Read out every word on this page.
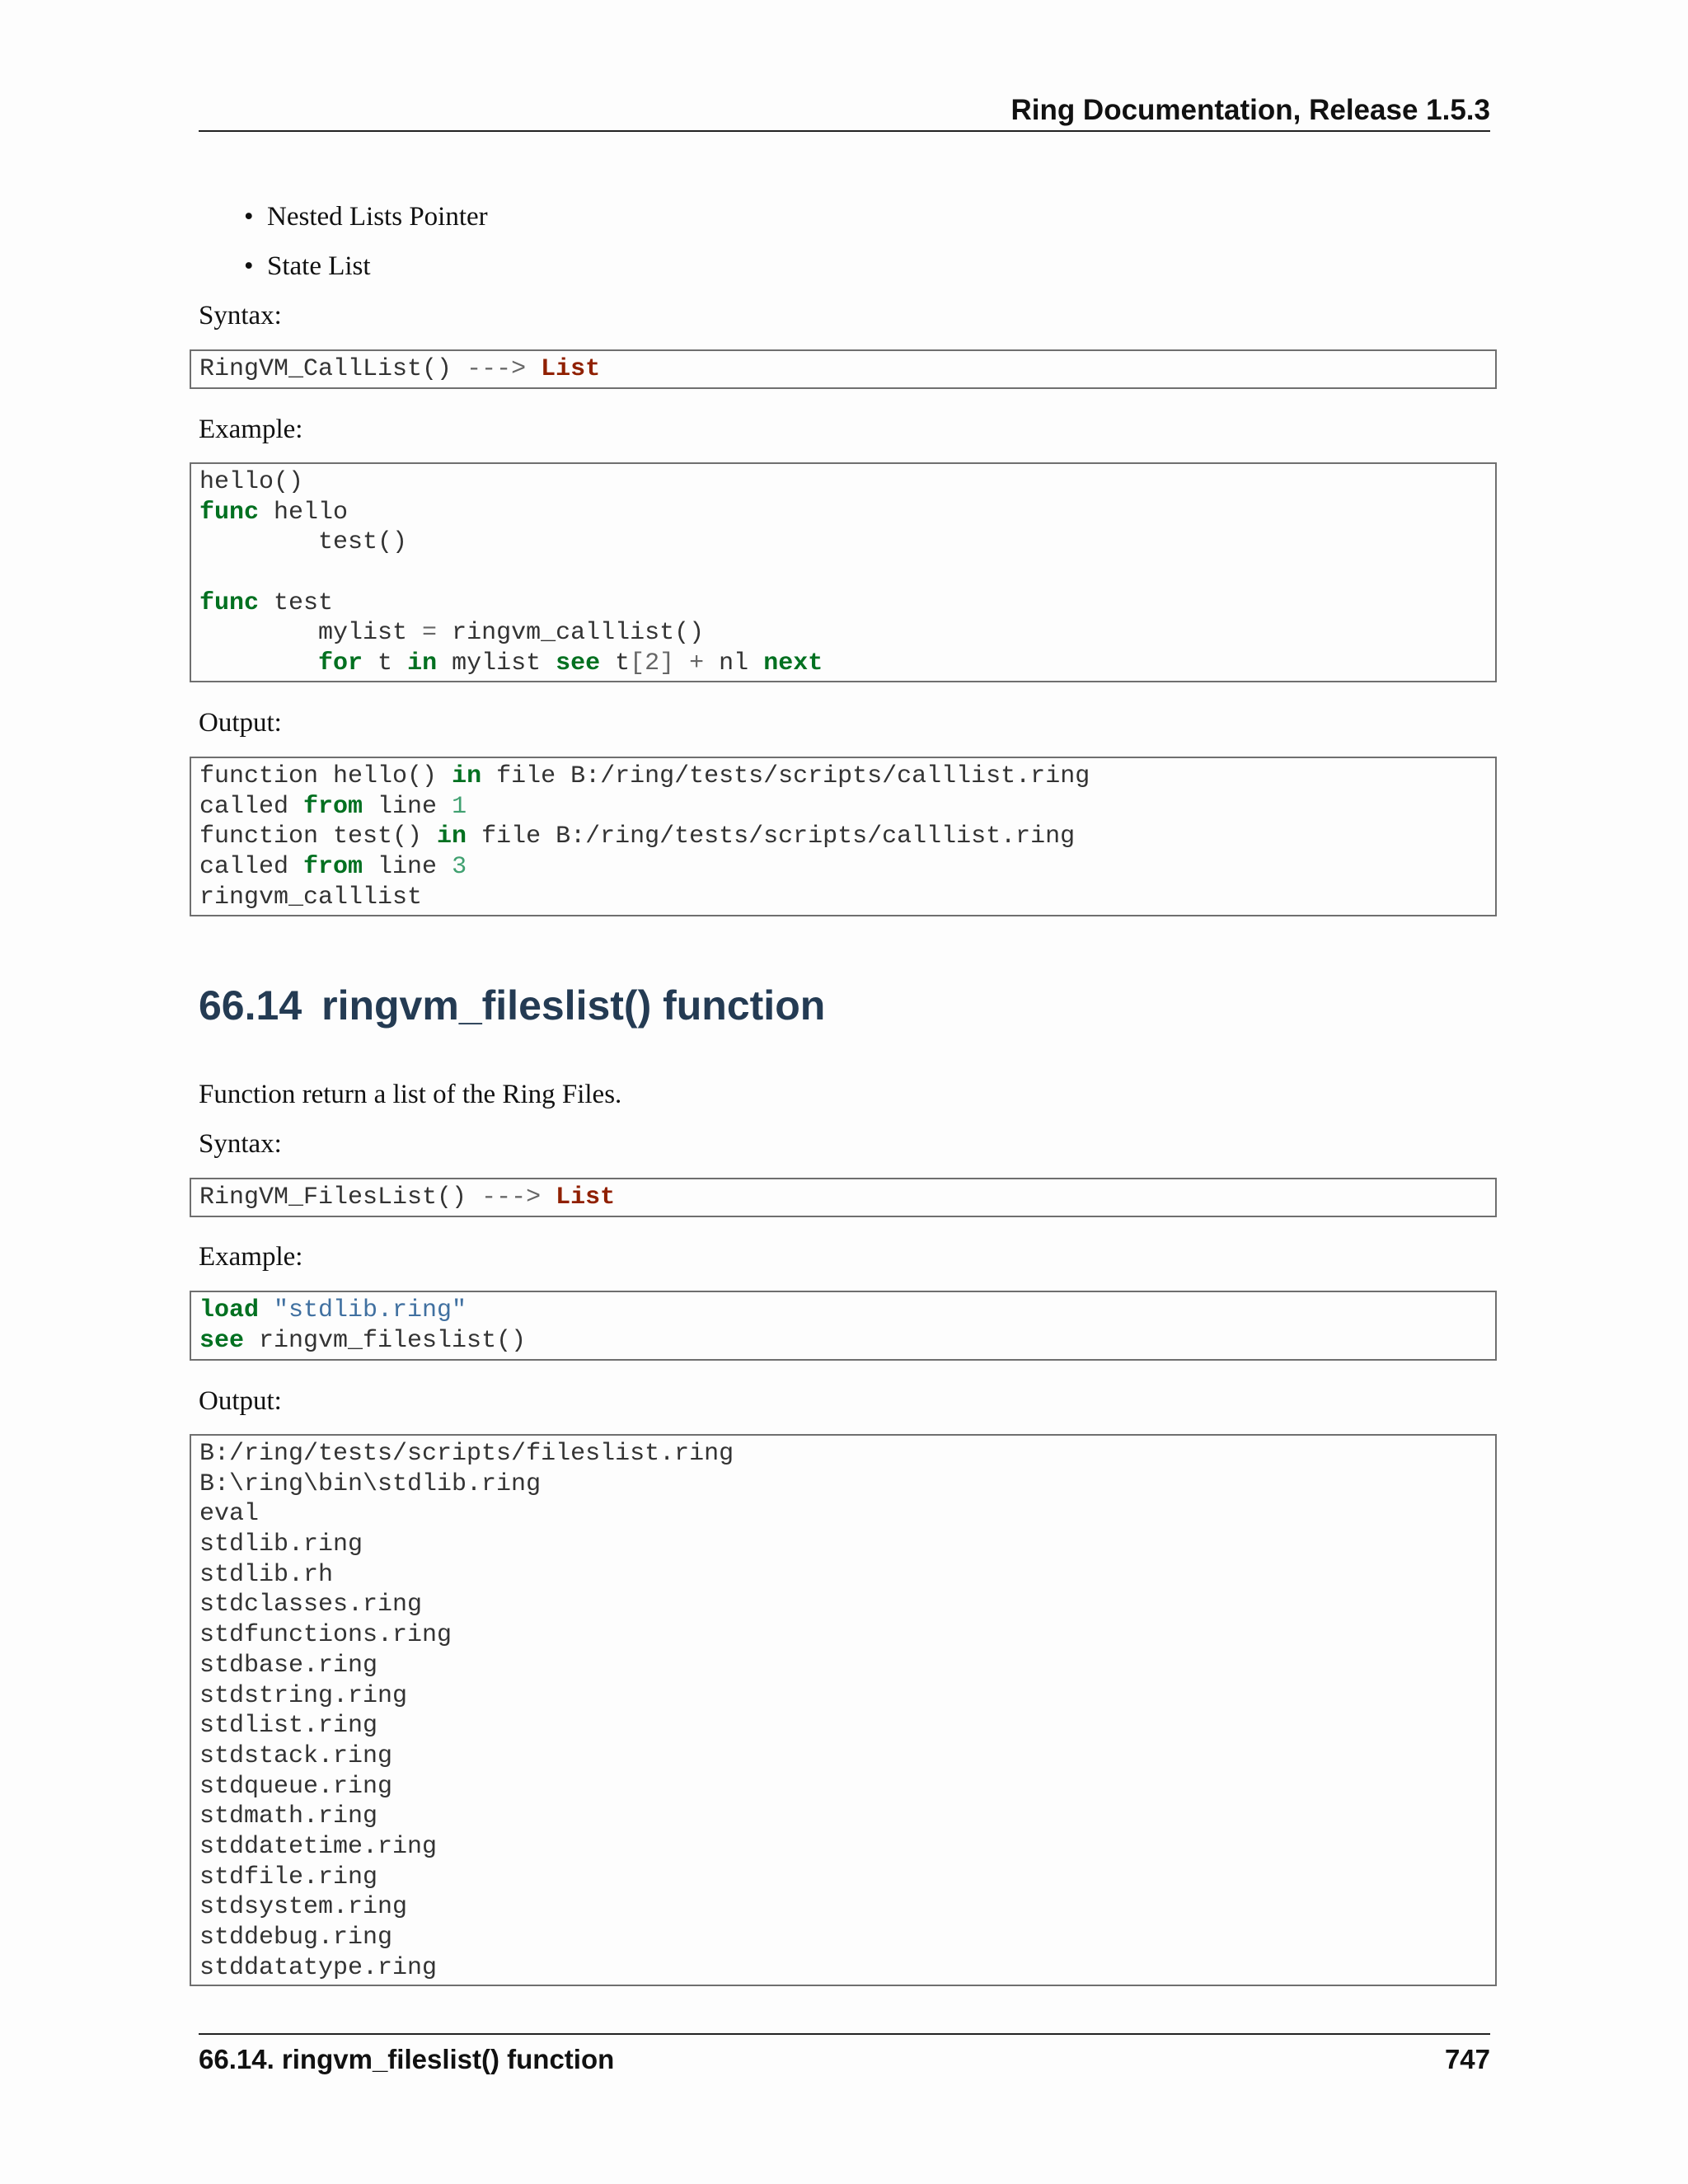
Ring Documentation, Release 1.5.3
• Nested Lists Pointer
• State List
Syntax:
RingVM_CallList() ---> List
Example:
hello()
func hello
test()
func test
mylist = ringvm_calllist()
for t in mylist see t[2] + nl next
Output:
function hello() in file B:/ring/tests/scripts/calllist.ring
called from line 1
function test() in file B:/ring/tests/scripts/calllist.ring
called from line 3
ringvm_calllist
66.14 ringvm_fileslist() function
Function return a list of the Ring Files.
Syntax:
RingVM_FilesList() ---> List
Example:
load "stdlib.ring"
see ringvm_fileslist()
Output:
B:/ring/tests/scripts/fileslist.ring
B:\ring\bin\stdlib.ring
eval
stdlib.ring
stdlib.rh
stdclasses.ring
stdfunctions.ring
stdbase.ring
stdstring.ring
stdlist.ring
stdstack.ring
stdqueue.ring
stdmath.ring
stddatetime.ring
stdfile.ring
stdsystem.ring
stddebug.ring
stddatatype.ring
66.14. ringvm_fileslist() function	747
